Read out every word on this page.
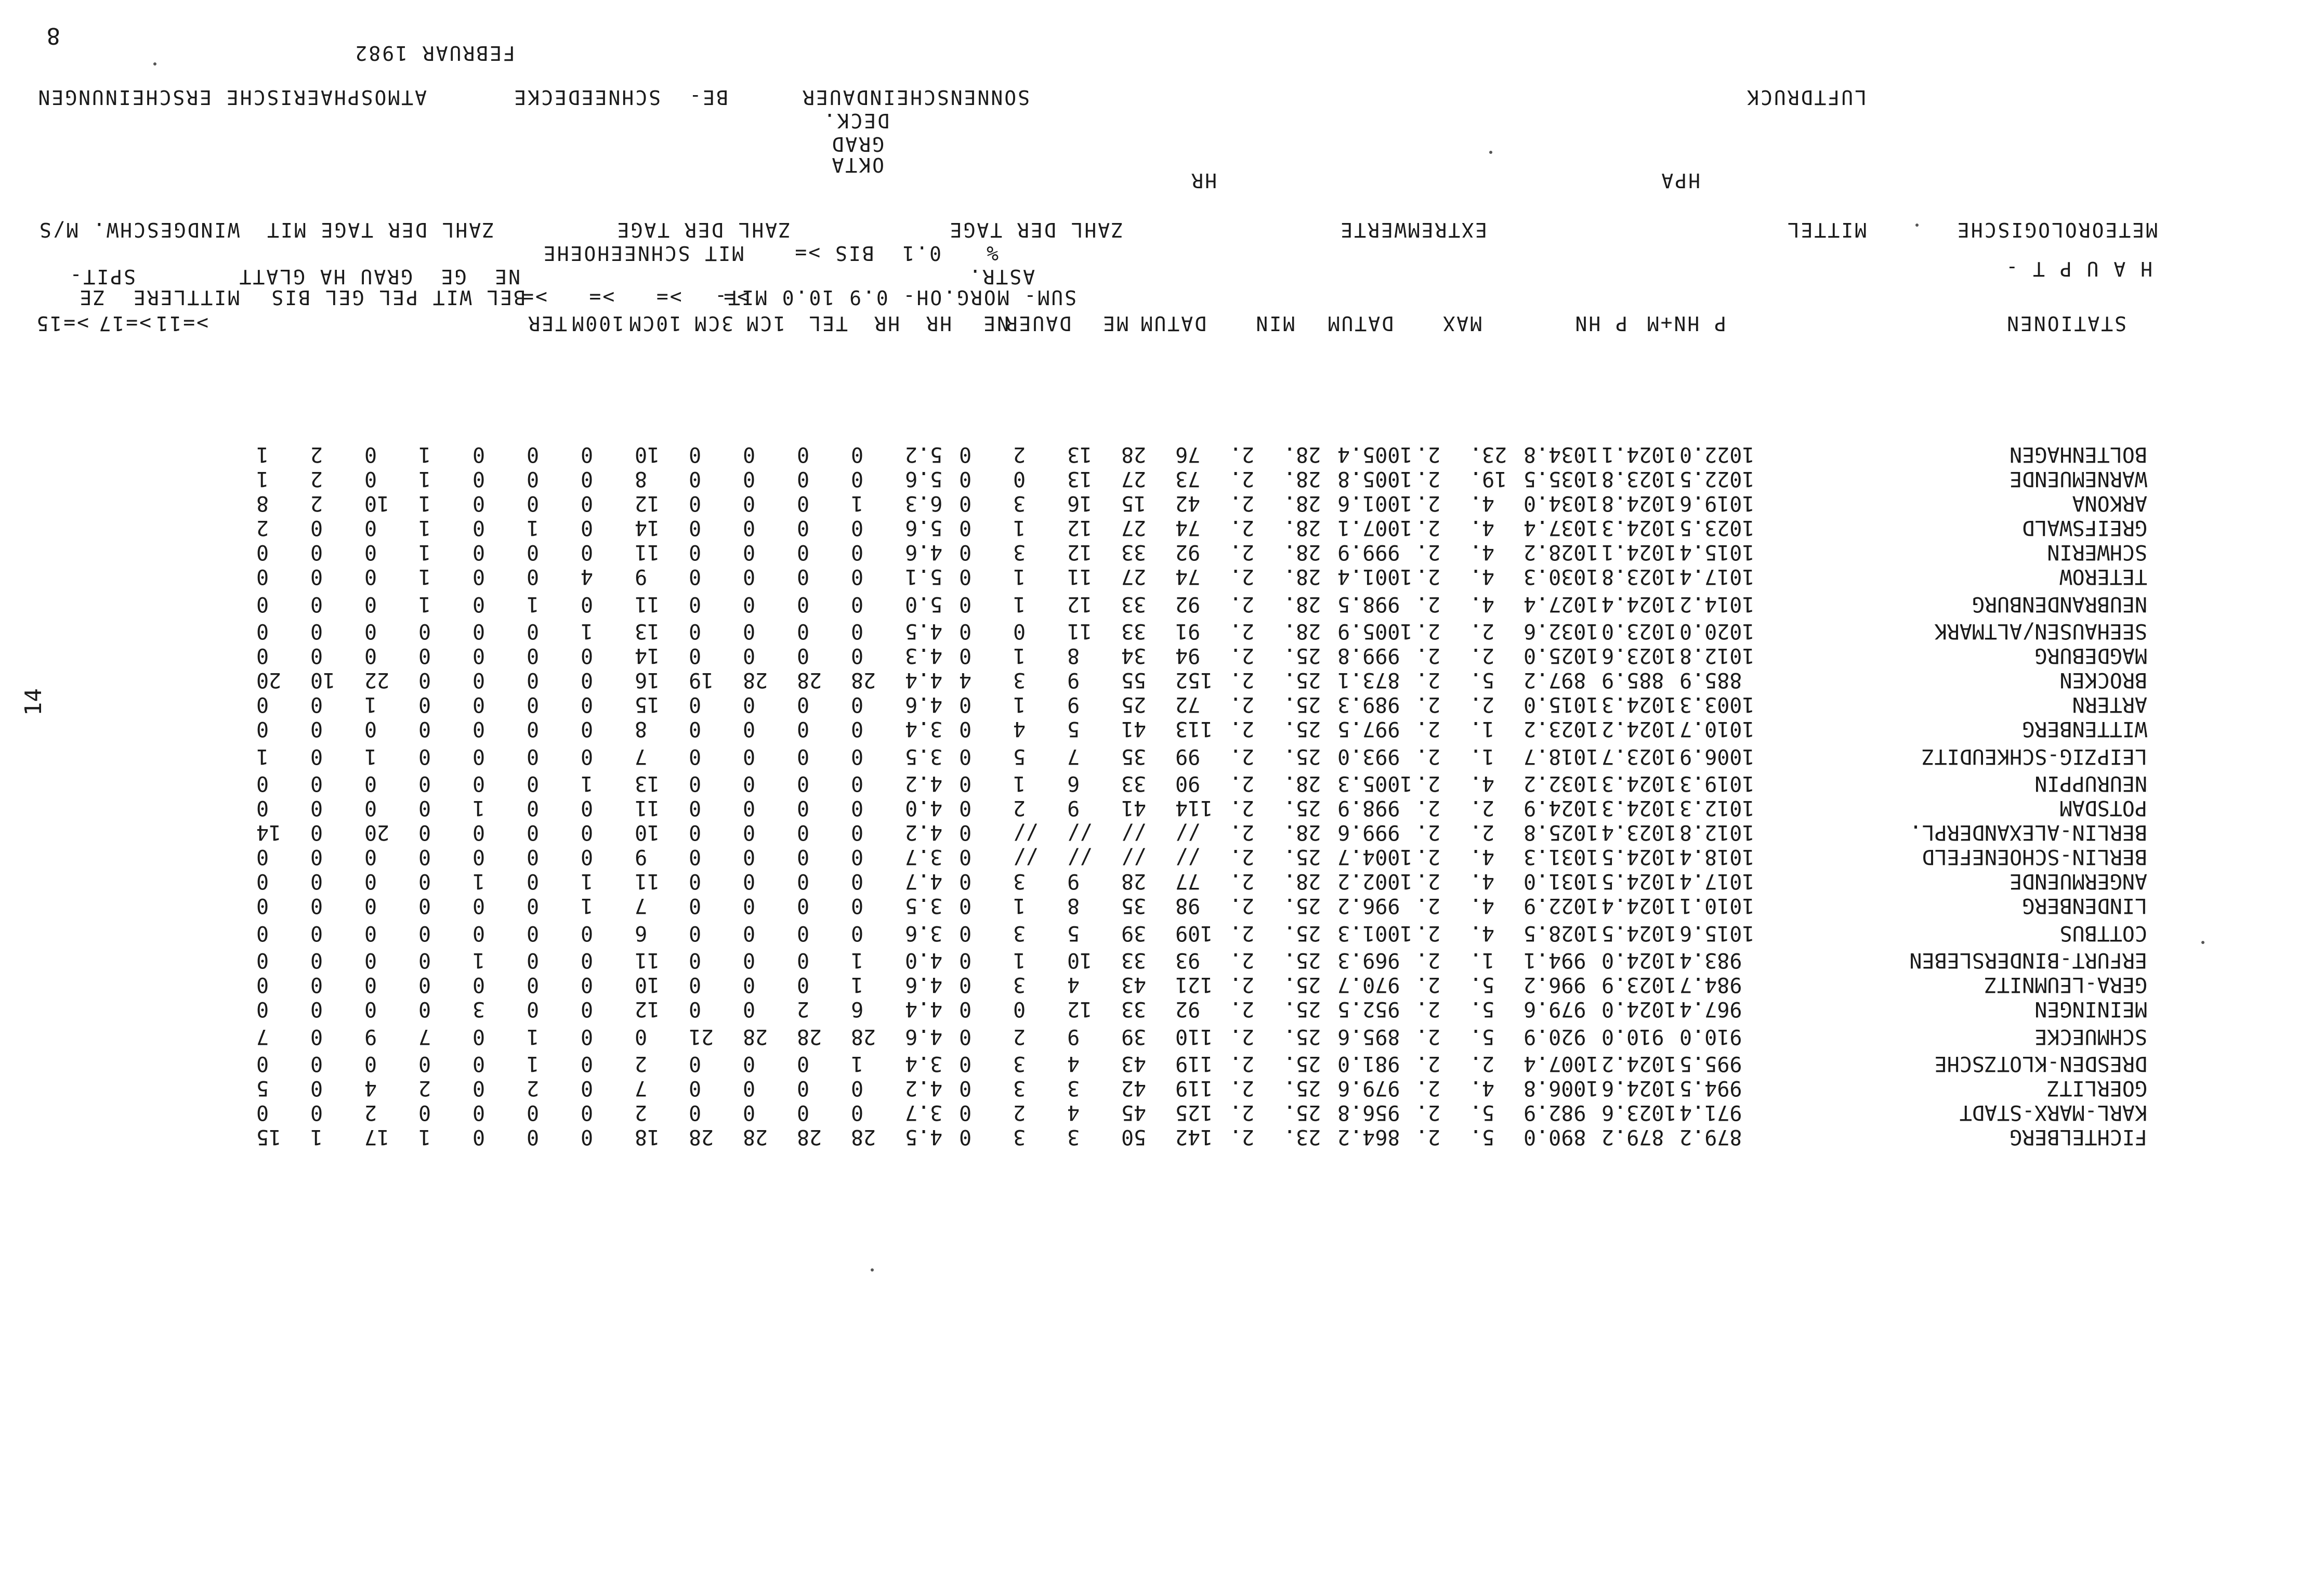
8
FEBRUAR 1982
LUFTDRUCK
SONNENSCHEINDAUER
BE-
SCHNEEDECKE
ATMOSPHAERISCHE ERSCHEINUNGEN
DECK.
GRAD
OKTA
HPA
HR
METEOROLOGISCHE
MITTEL
EXTREMWERTE
ZAHL DER TAGE
ZAHL DER TAGE
ZAHL DER TAGE MIT
WINDGESCHW. M/S
%
0.1  BIS >=
MIT SCHNEEHOEHE
H A U P T -
ASTR.
NE  GE  GRAU HA GLATT
SPIT-
SUM- MORG.OH- 0.9 10.0 MIT-
>=   >=   >=   >=
BEL WIT PEL GEL BIS
MITTLERE  ZE
STATIONEN
P HN+M
P HN
MAX
DATUM
MIN
DATUM
ME
DAUER
NE
HR
HR
TEL
1CM
3CM
10CM
100M
TER
>=11
>=17
>=15
14
FICHTELBERG	879.2	879.2	890.0	5.	2.	864.2	23.	2.	142	50	3	3	0	4.5	28	28	28	28	18	0	0	0	1	17	1	15
KARL-MARX-STADT	971.4	1023.6	982.9	5.	2.	956.8	25.	2.	125	45	4	2	0	3.7	0	0	0	0	2	0	0	0	0	2	0	0
GOERLITZ	994.5	1024.6	1006.8	4.	2.	979.6	25.	2.	119	42	3	3	0	4.2	0	0	0	0	7	0	2	0	2	4	0	5
DRESDEN-KLOTZSCHE	995.5	1024.2	1007.4	2.	2.	981.0	25.	2.	119	43	4	3	0	3.4	1	0	0	0	2	0	1	0	0	0	0	0
SCHMUECKE	910.0	910.0	920.9	5.	2.	895.6	25.	2.	110	39	9	2	0	4.6	28	28	28	21	0	0	1	0	7	9	0	7
MEININGEN	967.4	1024.0	979.6	5.	2.	952.5	25.	2.	92	33	12	0	0	4.4	6	2	0	0	12	0	0	3	0	0	0	0
GERA-LEUMNITZ	984.7	1023.9	996.2	5.	2.	970.7	25.	2.	121	43	4	3	0	4.6	1	0	0	0	10	0	0	0	0	0	0	0
ERFURT-BINDERSLEBEN	983.4	1024.0	994.1	1.	2.	969.3	25.	2.	93	33	10	1	0	4.0	1	0	0	0	11	0	0	1	0	0	0	0
COTTBUS	1015.6	1024.5	1028.5	4.	2.	1001.3	25.	2.	109	39	5	3	0	3.6	0	0	0	0	6	0	0	0	0	0	0	0
LINDENBERG	1010.1	1024.4	1022.9	4.	2.	996.2	25.	2.	98	35	8	1	0	3.5	0	0	0	0	7	1	0	0	0	0	0	0
ANGERMUENDE	1017.4	1024.5	1031.0	4.	2.	1002.2	28.	2.	77	28	9	3	0	4.7	0	0	0	0	11	1	0	1	0	0	0	0
BERLIN-SCHOENEFELD	1018.4	1024.5	1031.3	4.	2.	1004.7	25.	2.	//	//	//	//	0	3.7	0	0	0	0	9	0	0	0	0	0	0	0
BERLIN-ALEXANDERPL.	1012.8	1023.4	1025.8	2.	2.	999.6	28.	2.	//	//	//	//	0	4.2	0	0	0	0	10	0	0	0	0	20	0	14
POTSDAM	1012.3	1024.3	1024.9	2.	2.	998.9	25.	2.	114	41	9	2	0	4.0	0	0	0	0	11	0	0	1	0	0	0	0
NEURUPPIN	1019.3	1024.3	1032.2	4.	2.	1005.3	28.	2.	90	33	6	1	0	4.2	0	0	0	0	13	1	0	0	0	0	0	0
LEIPZIG-SCHKEUDITZ	1006.9	1023.7	1018.7	1.	2.	993.0	25.	2.	99	35	7	5	0	3.5	0	0	0	0	7	0	0	0	0	1	0	1
WITTENBERG	1010.7	1024.2	1023.2	1.	2.	997.5	25.	2.	113	41	5	4	0	3.4	0	0	0	0	8	0	0	0	0	0	0	0
ARTERN	1003.3	1024.3	1015.0	2.	2.	989.3	25.	2.	72	25	9	1	0	4.6	0	0	0	0	15	0	0	0	0	1	0	0
BROCKEN	885.9	885.9	897.2	5.	2.	873.1	25.	2.	152	55	9	3	4	4.4	28	28	28	19	16	0	0	0	0	22	10	20
MAGDEBURG	1012.8	1023.6	1025.0	2.	2.	999.8	25.	2.	94	34	8	1	0	4.3	0	0	0	0	14	0	0	0	0	0	0	0
SEEHAUSEN/ALTMARK	1020.0	1023.0	1032.6	2.	2.	1005.9	28.	2.	91	33	11	0	0	4.5	0	0	0	0	13	1	0	0	0	0	0	0
NEUBRANDENBURG	1014.2	1024.4	1027.4	4.	2.	998.5	28.	2.	92	33	12	1	0	5.0	0	0	0	0	11	0	1	0	1	0	0	0
TETEROW	1017.4	1023.8	1030.3	4.	2.	1001.4	28.	2.	74	27	11	1	0	5.1	0	0	0	0	9	4	0	0	1	0	0	0
SCHWERIN	1015.4	1024.1	1028.2	4.	2.	999.9	28.	2.	92	33	12	3	0	4.6	0	0	0	0	11	0	0	0	1	0	0	0
GREIFSWALD	1023.5	1024.3	1037.4	4.	2.	1007.1	28.	2.	74	27	12	1	0	5.6	0	0	0	0	14	0	1	0	1	0	0	2
ARKONA	1019.6	1024.8	1034.0	4.	2.	1001.6	28.	2.	42	15	16	3	0	6.3	1	0	0	0	12	0	0	0	1	10	2	8
WARNEMUENDE	1022.5	1023.8	1035.5	19.	2.	1005.8	28.	2.	73	27	13	0	0	5.6	0	0	0	0	8	0	0	0	1	0	2	1
BOLTENHAGEN	1022.0	1024.1	1034.8	23.	2.	1005.4	28.	2.	76	28	13	2	0	5.2	0	0	0	0	10	0	0	0	1	0	2	1
